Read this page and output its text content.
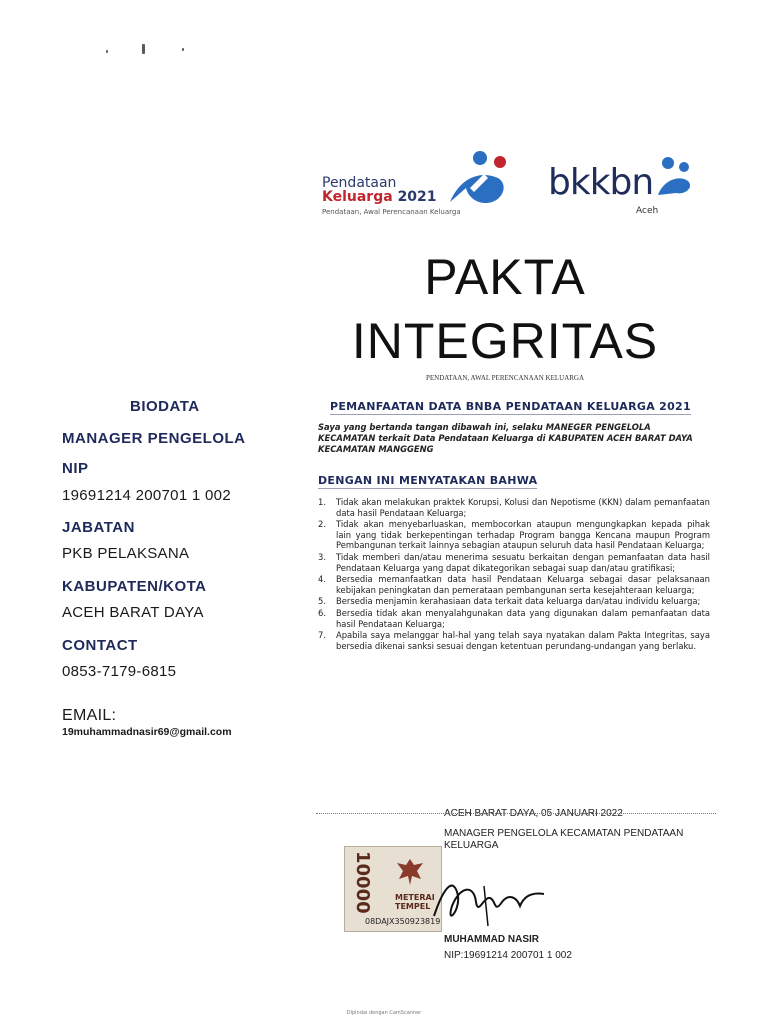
Pendataan
Keluarga 2021
Pendataan, Awal Perencanaan Keluarga
bkkbn
Aceh
PAKTA
INTEGRITAS
PENDATAAN, AWAL PERENCANAAN KELUARGA
BIODATA
MANAGER PENGELOLA
NIP
19691214 200701 1 002
JABATAN
PKB PELAKSANA
KABUPATEN/KOTA
ACEH BARAT DAYA
CONTACT
0853-7179-6815
EMAIL:
19muhammadnasir69@gmail.com
PEMANFAATAN DATA BNBA PENDATAAN KELUARGA 2021
Saya yang bertanda tangan dibawah ini, selaku MANEGER PENGELOLA KECAMATAN terkait Data Pendataan Keluarga di KABUPATEN ACEH BARAT DAYA KECAMATAN MANGGENG
DENGAN INI MENYATAKAN BAHWA
1. Tidak akan melakukan praktek Korupsi, Kolusi dan Nepotisme (KKN) dalam pemanfaatan data hasil Pendataan Keluarga;
2. Tidak akan menyebarluaskan, membocorkan ataupun mengungkapkan kepada pihak lain yang tidak berkepentingan terhadap Program bangga Kencana maupun Program Pembangunan terkait lainnya sebagian ataupun seluruh data hasil Pendataan Keluarga;
3. Tidak memberi dan/atau menerima sesuatu berkaitan dengan pemanfaatan data hasil Pendataan Keluarga yang dapat dikategorikan sebagai suap dan/atau gratifikasi;
4. Bersedia memanfaatkan data hasil Pendataan Keluarga sebagai dasar pelaksanaan kebijakan peningkatan dan pemerataan pembangunan serta kesejahteraan keluarga;
5. Bersedia menjamin kerahasiaan data terkait data keluarga dan/atau individu keluarga;
6. Bersedia tidak akan menyalahgunakan data yang digunakan dalam pemanfaatan data hasil Pendataan Keluarga;
7. Apabila saya melanggar hal-hal yang telah saya nyatakan dalam Pakta Integritas, saya bersedia dikenai sanksi sesuai dengan ketentuan perundang-undangan yang berlaku.
ACEH BARAT DAYA, 05 JANUARI 2022
MANAGER PENGELOLA KECAMATAN PENDATAAN KELUARGA
10000	METERAI
TEMPEL
08DAJX350923819
MUHAMMAD NASIR
NIP:19691214 200701 1 002
Dipindai dengan CamScanner
